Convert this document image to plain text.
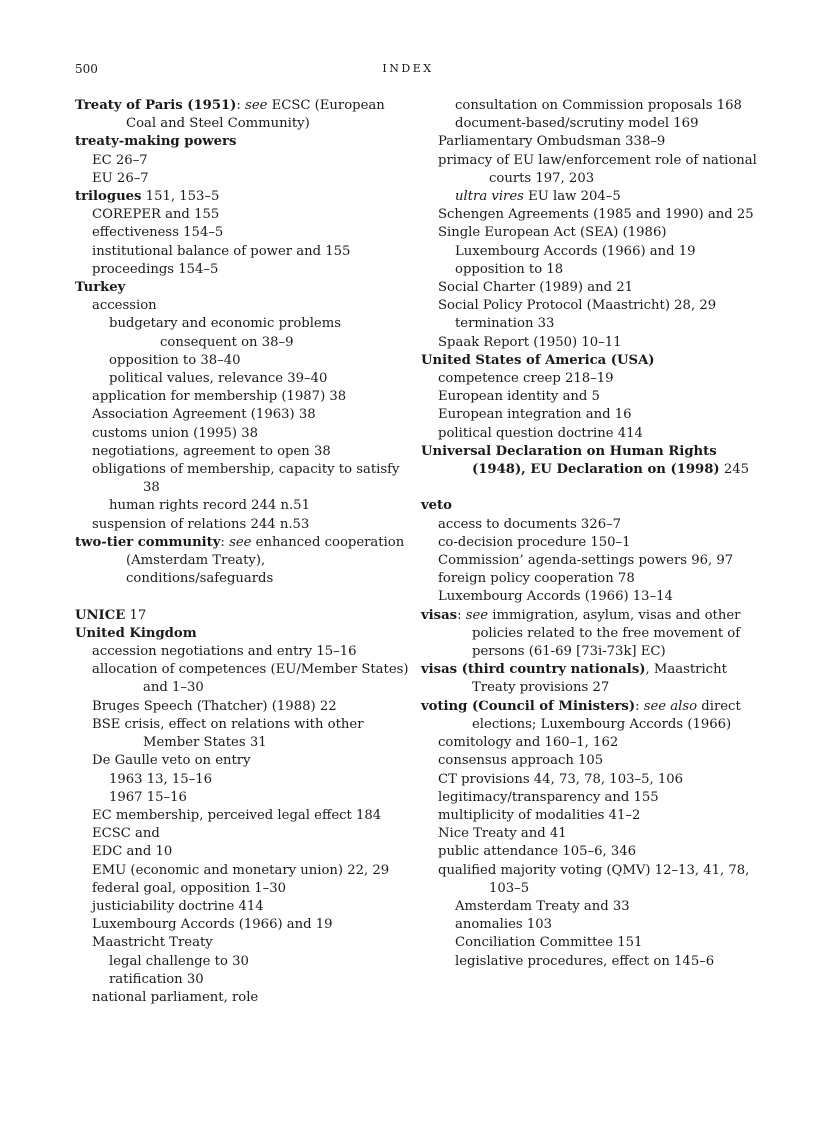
500	INDEX

Treaty of Paris (1951): see ECSC (European Coal and Steel Community)

treaty-making powers

EC 26–7

EU 26–7

trilogues 151, 153–5

COREPER and 155

effectiveness 154–5

institutional balance of power and 155

proceedings 154–5

Turkey

accession

budgetary and economic problems consequent on 38–9

opposition to 38–40

political values, relevance 39–40

application for membership (1987) 38

Association Agreement (1963) 38

customs union (1995) 38

negotiations, agreement to open 38

obligations of membership, capacity to satisfy 38

human rights record 244 n.51

suspension of relations 244 n.53

two-tier community: see enhanced cooperation (Amsterdam Treaty), conditions/safeguards

UNICE 17

United Kingdom

accession negotiations and entry 15–16

allocation of competences (EU/Member States) and 1–30

Bruges Speech (Thatcher) (1988) 22

BSE crisis, effect on relations with other Member States 31

De Gaulle veto on entry

1963 13, 15–16

1967 15–16

EC membership, perceived legal effect 184

ECSC and

EDC and 10

EMU (economic and monetary union) 22, 29

federal goal, opposition 1–30

justiciability doctrine 414

Luxembourg Accords (1966) and 19

Maastricht Treaty

legal challenge to 30

ratification 30

national parliament, role

consultation on Commission proposals 168

document-based/scrutiny model 169

Parliamentary Ombudsman 338–9

primacy of EU law/enforcement role of national courts 197, 203

ultra vires EU law 204–5

Schengen Agreements (1985 and 1990) and 25

Single European Act (SEA) (1986)

Luxembourg Accords (1966) and 19

opposition to 18

Social Charter (1989) and 21

Social Policy Protocol (Maastricht) 28, 29

termination 33

Spaak Report (1950) 10–11

United States of America (USA)

competence creep 218–19

European identity and 5

European integration and 16

political question doctrine 414

Universal Declaration on Human Rights (1948), EU Declaration on (1998) 245

veto

access to documents 326–7

co-decision procedure 150–1

Commission’ agenda-settings powers 96, 97

foreign policy cooperation 78

Luxembourg Accords (1966) 13–14

visas: see immigration, asylum, visas and other policies related to the free movement of persons (61-69 [73i-73k] EC)

visas (third country nationals), Maastricht Treaty provisions 27

voting (Council of Ministers): see also direct elections; Luxembourg Accords (1966)

comitology and 160–1, 162

consensus approach 105

CT provisions 44, 73, 78, 103–5, 106

legitimacy/transparency and 155

multiplicity of modalities 41–2

Nice Treaty and 41

public attendance 105–6, 346

qualified majority voting (QMV) 12–13, 41, 78, 103–5

Amsterdam Treaty and 33

anomalies 103

Conciliation Committee 151

legislative procedures, effect on 145–6
